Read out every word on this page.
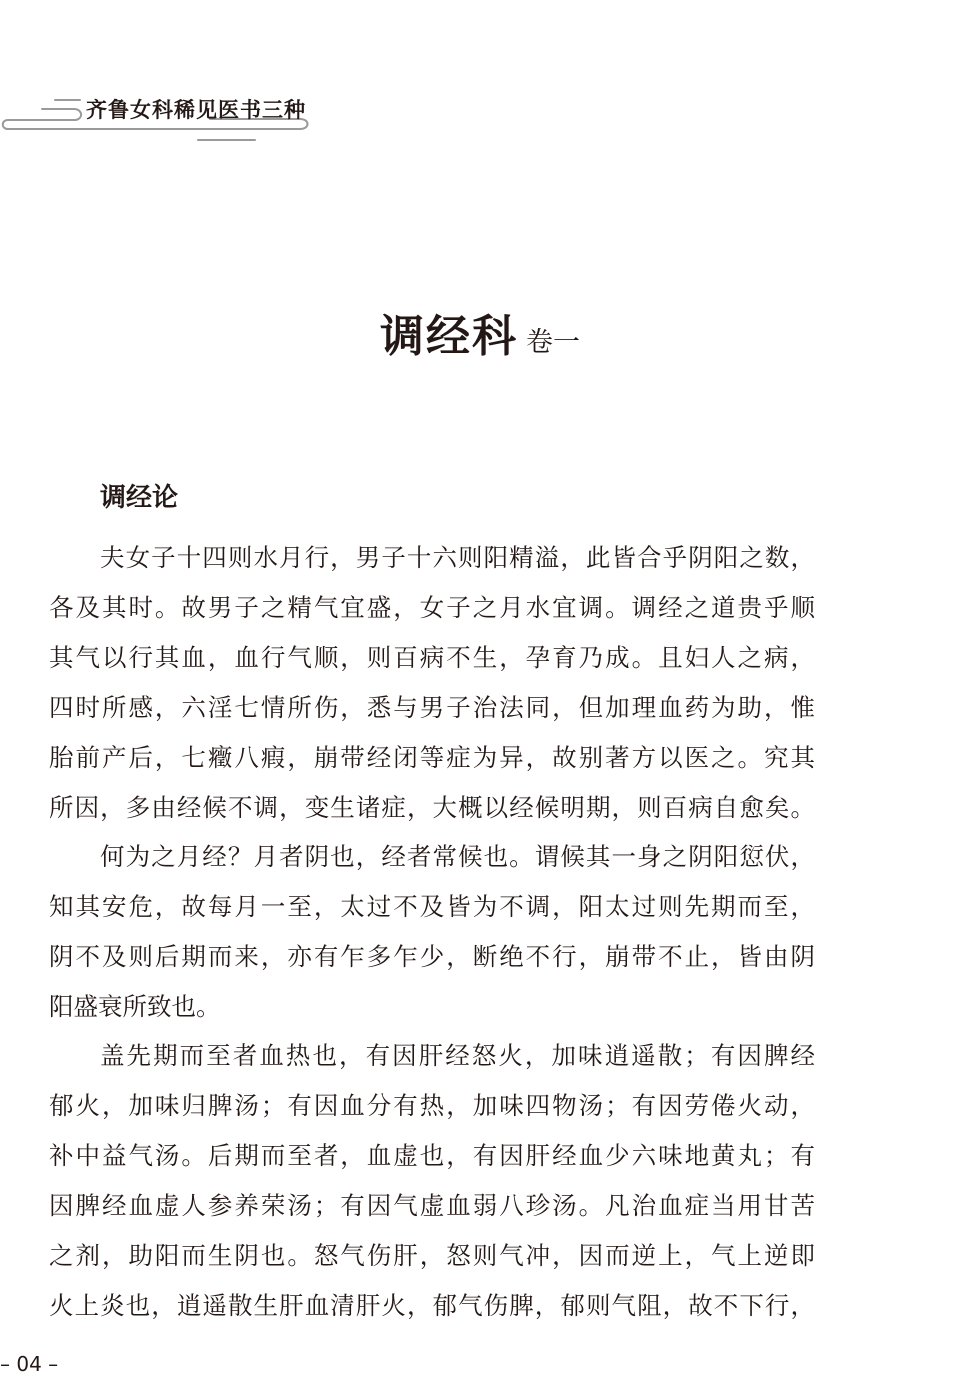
齐鲁女科稀见医书三种
调经科 卷一
调经论
夫女子十四则水月行，男子十六则阳精溢，此皆合乎阴阳之数，
各及其时。故男子之精气宜盛，女子之月水宜调。调经之道贵乎顺
其气以行其血，血行气顺，则百病不生，孕育乃成。且妇人之病，
四时所感，六淫七情所伤，悉与男子治法同，但加理血药为助，惟
胎前产后，七癥八瘕，崩带经闭等症为异，故别著方以医之。究其
所因，多由经候不调，变生诸症，大概以经候明期，则百病自愈矣。
何为之月经？月者阴也，经者常候也。谓候其一身之阴阳愆伏，
知其安危，故每月一至，太过不及皆为不调，阳太过则先期而至，
阴不及则后期而来，亦有乍多乍少，断绝不行，崩带不止，皆由阴
阳盛衰所致也。
盖先期而至者血热也，有因肝经怒火，加味逍遥散；有因脾经
郁火，加味归脾汤；有因血分有热，加味四物汤；有因劳倦火动，
补中益气汤。后期而至者，血虚也，有因肝经血少六味地黄丸；有
因脾经血虚人参养荣汤；有因气虚血弱八珍汤。凡治血症当用甘苦
之剂，助阳而生阴也。怒气伤肝，怒则气冲，因而逆上，气上逆即
火上炎也，逍遥散生肝血清肝火，郁气伤脾，郁则气阻，故不下行，
– 04 –
